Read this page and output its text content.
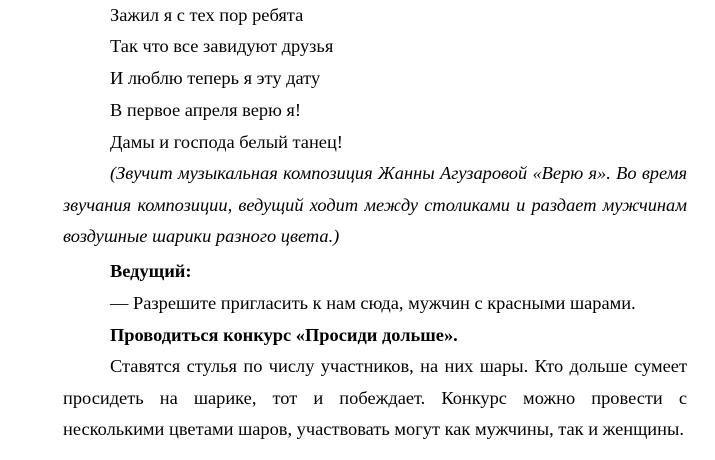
Зажил я с тех пор ребята
Так что все завидуют друзья
И люблю теперь я эту дату
В первое апреля верю я!
Дамы и господа белый танец!
(Звучит музыкальная композиция Жанны Агузаровой «Верю я». Во время звучания композиции, ведущий ходит между столиками и раздает мужчинам воздушные шарики разного цвета.)
Ведущий:
— Разрешите пригласить к нам сюда, мужчин с красными шарами.
Проводиться конкурс «Просиди дольше».
Ставятся стулья по числу участников, на них шары. Кто дольше сумеет просидеть на шарике, тот и побеждает. Конкурс можно провести с несколькими цветами шаров, участвовать могут как мужчины, так и женщины.
